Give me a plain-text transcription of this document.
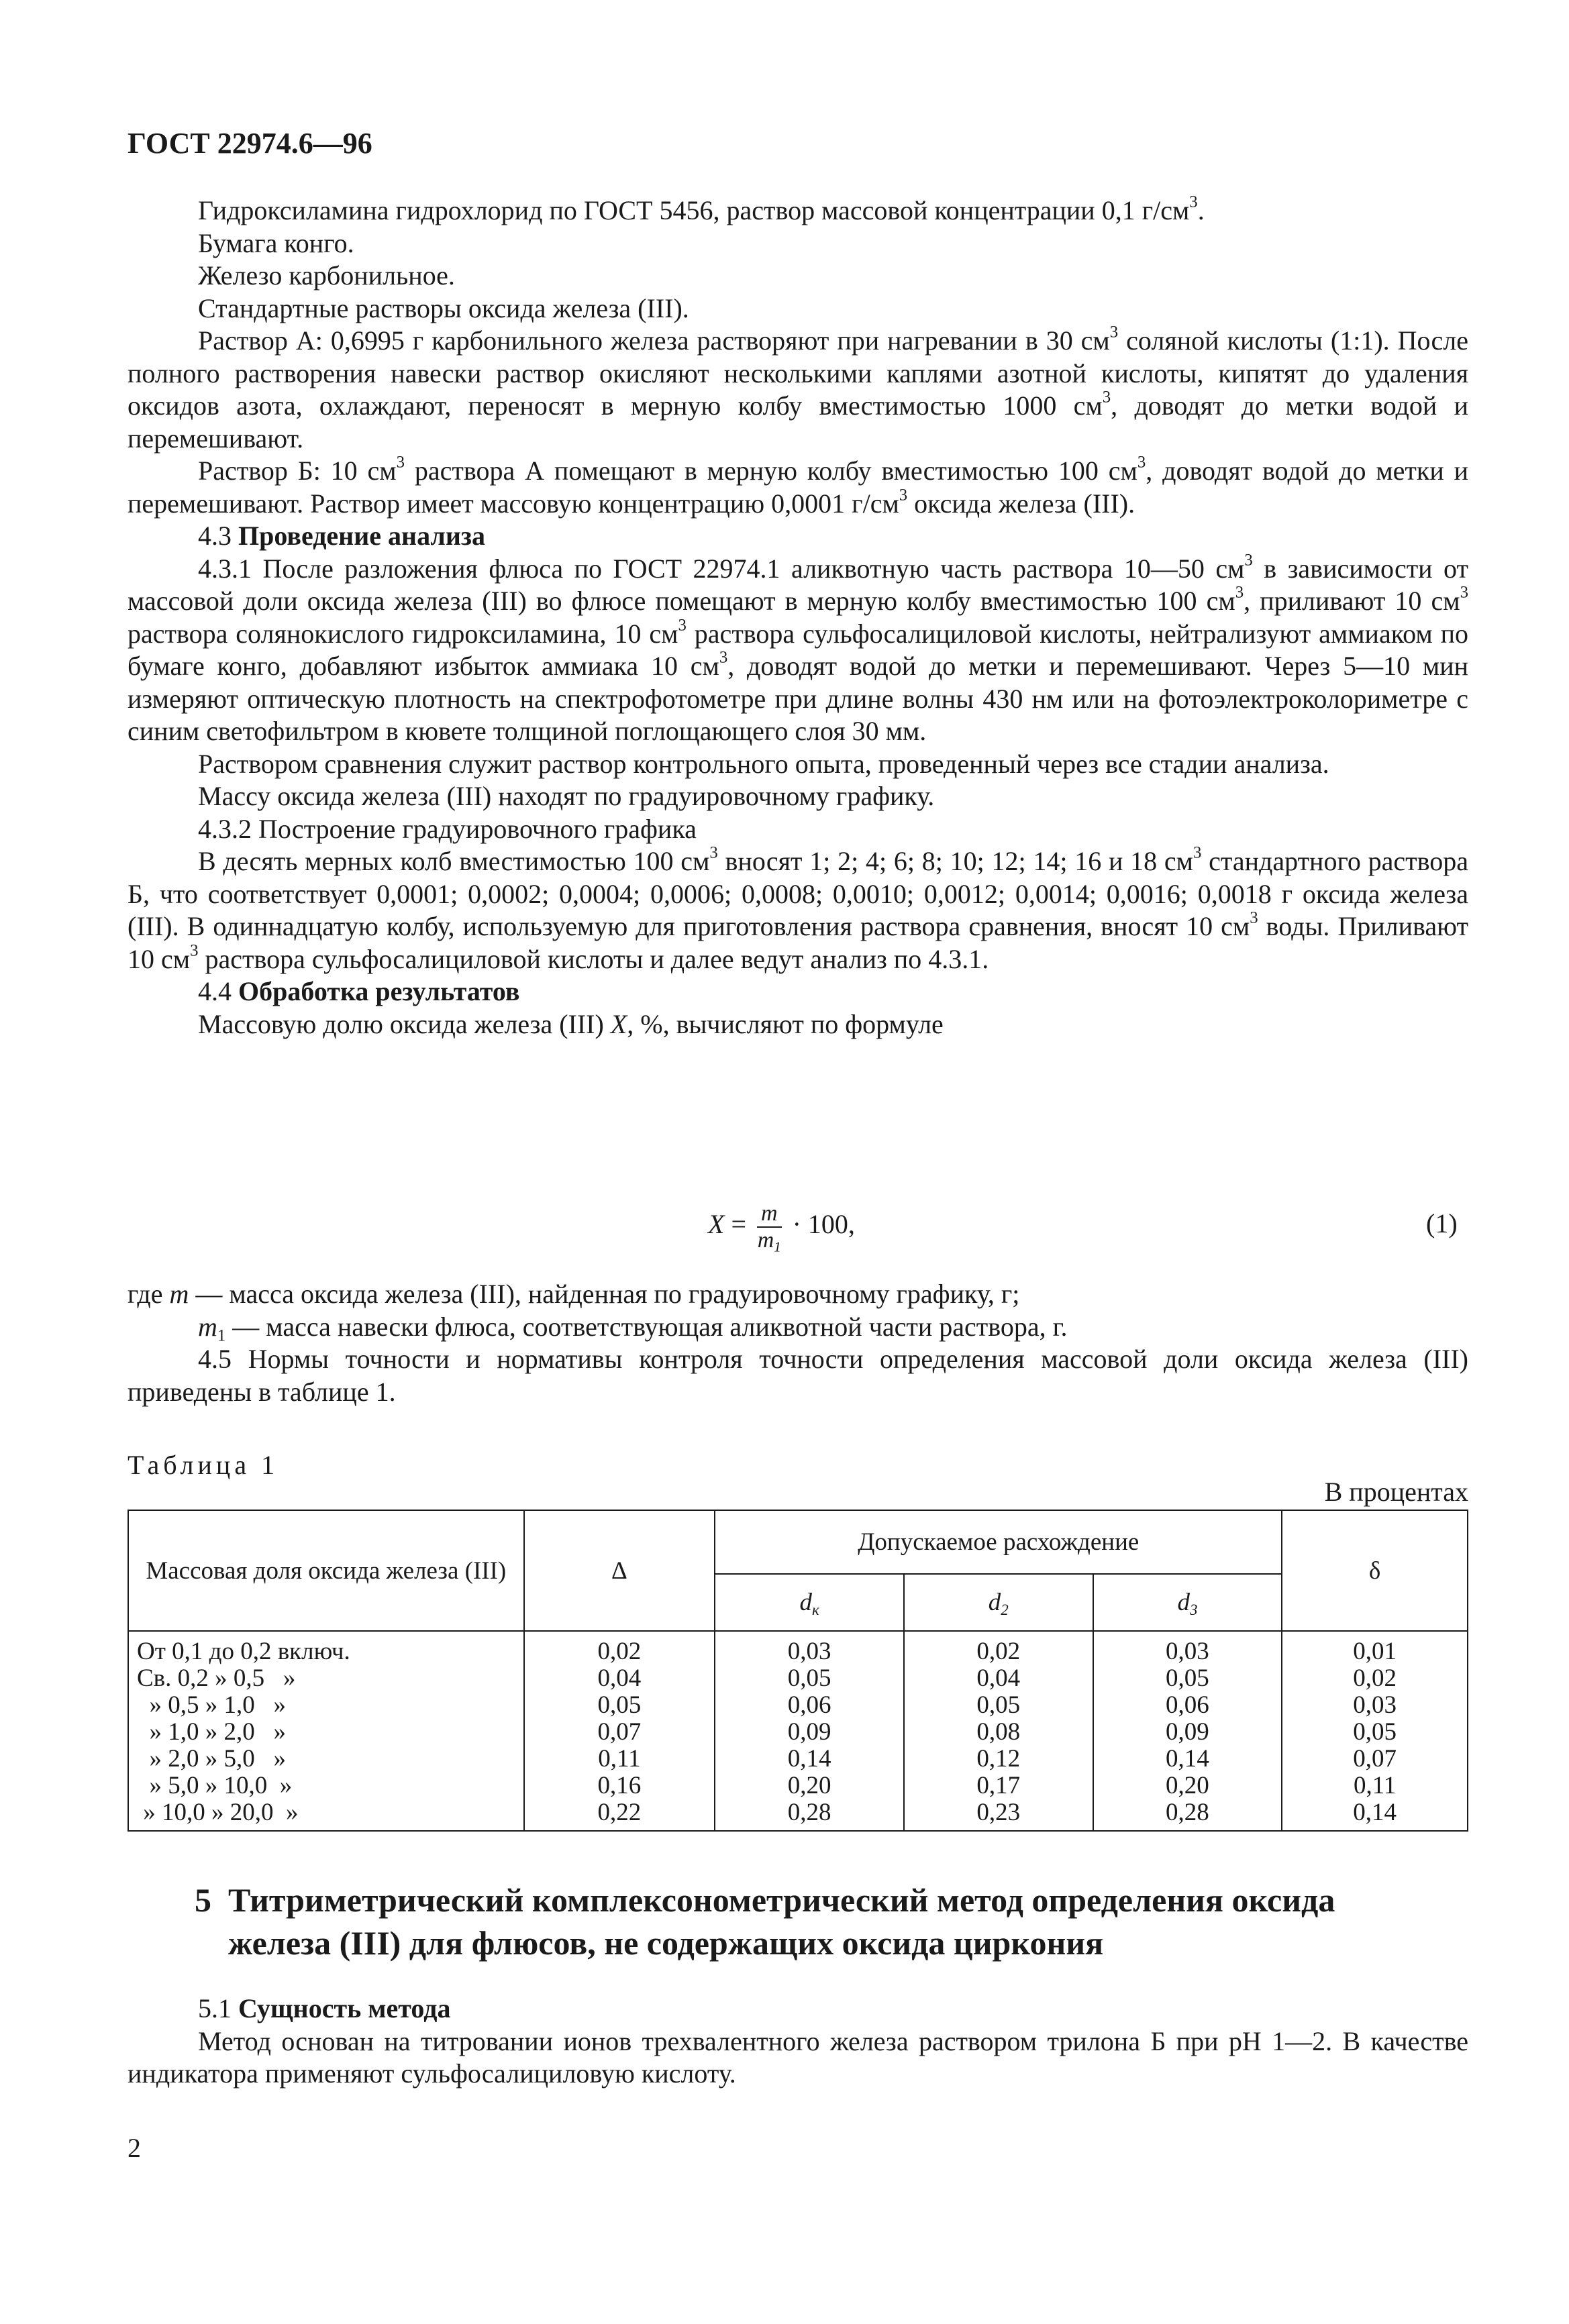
ГОСТ 22974.6—96

Гидроксиламина гидрохлорид по ГОСТ 5456, раствор массовой концентрации 0,1 $г/см^3$.

Бумага конго.

Железо карбонильное.

Стандартные растворы оксида железа (III).

Раствор А: 0,6995 г карбонильного железа растворяют при нагревании в 30 $см^3$ соляной кислоты (1:1). После полного растворения навески раствор окисляют несколькими каплями азотной кислоты, кипятят до удаления оксидов азота, охлаждают, переносят в мерную колбу вместимостью 1000 $см^3$, доводят до метки водой и перемешивают.

Раствор Б: 10 $см^3$ раствора А помещают в мерную колбу вместимостью 100 $см^3$, доводят водой до метки и перемешивают. Раствор имеет массовую концентрацию 0,0001 $г/см^3$ оксида железа (III).

4.3 Проведение анализа

4.3.1 После разложения флюса по ГОСТ 22974.1 аликвотную часть раствора 10—50 $см^3$ в зависимости от массовой доли оксида железа (III) во флюсе помещают в мерную колбу вместимостью 100 $см^3$, приливают 10 $см^3$ раствора солянокислого гидроксиламина, 10 $см^3$ раствора сульфосалициловой кислоты, нейтрализуют аммиаком по бумаге конго, добавляют избыток аммиака 10 $см^3$, доводят водой до метки и перемешивают. Через 5—10 мин измеряют оптическую плотность на спектрофотометре при длине волны 430 нм или на фотоэлектроколориметре с синим светофильтром в кювете толщиной поглощающего слоя 30 мм.

Раствором сравнения служит раствор контрольного опыта, проведенный через все стадии анализа.

Массу оксида железа (III) находят по градуировочному графику.

4.3.2 Построение градуировочного графика

В десять мерных колб вместимостью 100 $см^3$ вносят 1; 2; 4; 6; 8; 10; 12; 14; 16 и 18 $см^3$ стандартного раствора Б, что соответствует 0,0001; 0,0002; 0,0004; 0,0006; 0,0008; 0,0010; 0,0012; 0,0014; 0,0016; 0,0018 г оксида железа (III). В одиннадцатую колбу, используемую для приготовления раствора сравнения, вносят 10 $см^3$ воды. Приливают 10 $см^3$ раствора сульфосалициловой кислоты и далее ведут анализ по 4.3.1.

4.4 Обработка результатов

Массовую долю оксида железа (III) X, %, вычисляют по формуле

$X = \frac{m}{m_1} \cdot 100$,	(1)

где m — масса оксида железа (III), найденная по градуировочному графику, г;

$m_1$ — масса навески флюса, соответствующая аликвотной части раствора, г.

4.5 Нормы точности и нормативы контроля точности определения массовой доли оксида железа (III) приведены в таблице 1.

Таблица 1
В процентах
Массовая доля оксида железа (III)	Δ	Допускаемое расхождение			δ
		$d_к$	$d_2$	$d_3$
От 0,1 до 0,2 включ.	0,02	0,03	0,02	0,03	0,01
Св. 0,2 » 0,5   »	0,04	0,05	0,04	0,05	0,02
» 0,5 » 1,0   »	0,05	0,06	0,05	0,06	0,03
» 1,0 » 2,0   »	0,07	0,09	0,08	0,09	0,05
» 2,0 » 5,0   »	0,11	0,14	0,12	0,14	0,07
» 5,0 » 10,0  »	0,16	0,20	0,17	0,20	0,11
» 10,0 » 20,0  »	0,22	0,28	0,23	0,28	0,14
5 Титриметрический комплексонометрический метод определения оксида железа (III) для флюсов, не содержащих оксида циркония

5.1 Сущность метода

Метод основан на титровании ионов трехвалентного железа раствором трилона Б при pH 1—2. В качестве индикатора применяют сульфосалициловую кислоту.

2
